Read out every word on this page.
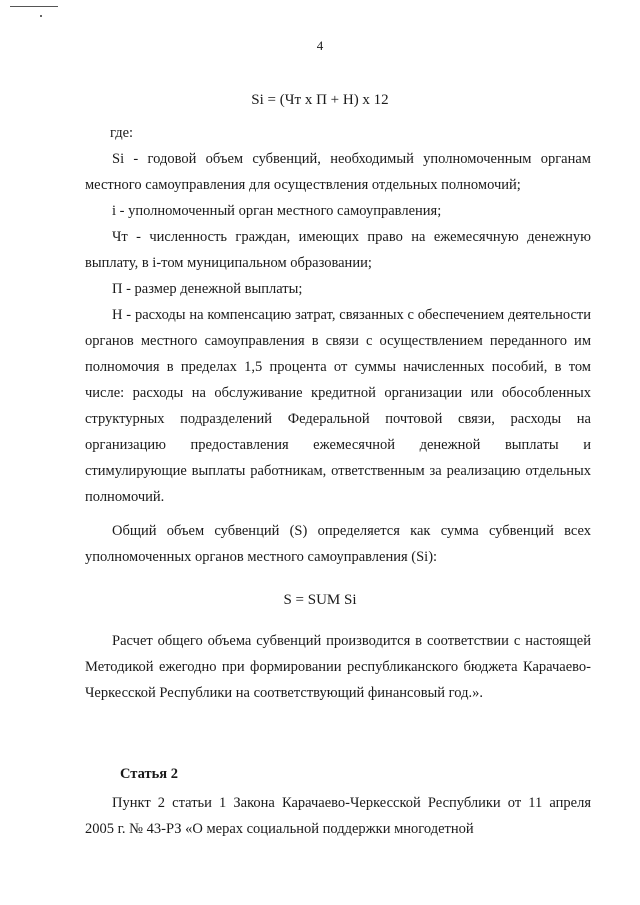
4
Si = (Чт x П + Н) x 12

где:

Si - годовой объем субвенций, необходимый уполномоченным органам местного самоуправления для осуществления отдельных полномочий;

i - уполномоченный орган местного самоуправления;

Чт - численность граждан, имеющих право на ежемесячную денежную выплату, в i-том муниципальном образовании;

П - размер денежной выплаты;

Н - расходы на компенсацию затрат, связанных с обеспечением деятельности органов местного самоуправления в связи с осуществлением переданного им полномочия в пределах 1,5 процента от суммы начисленных пособий, в том числе: расходы на обслуживание кредитной организации или обособленных структурных подразделений Федеральной почтовой связи, расходы на организацию предоставления ежемесячной денежной выплаты и стимулирующие выплаты работникам, ответственным за реализацию отдельных полномочий.

Общий объем субвенций (S) определяется как сумма субвенций всех уполномоченных органов местного самоуправления (Si):

S = SUM Si

Расчет общего объема субвенций производится в соответствии с настоящей Методикой ежегодно при формировании республиканского бюджета Карачаево-Черкесской Республики на соответствующий финансовый год.».

Статья 2

Пункт 2 статьи 1 Закона Карачаево-Черкесской Республики от 11 апреля 2005 г. № 43-РЗ «О мерах социальной поддержки многодетной
